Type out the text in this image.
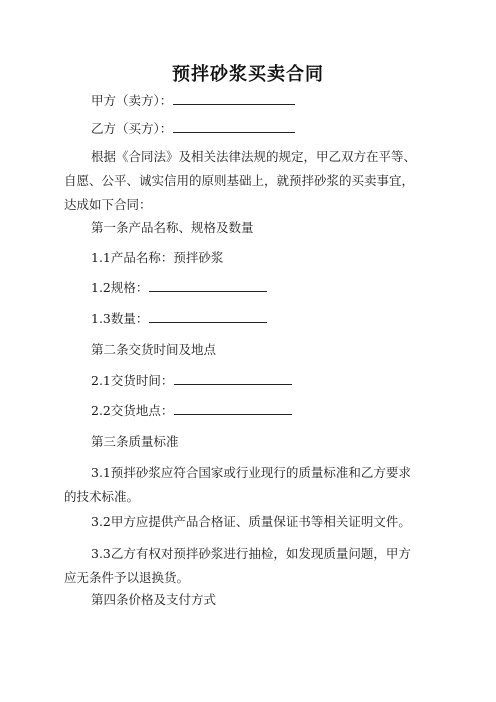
预拌砂浆买卖合同
甲方（卖方）：
乙方（买方）：
根据《合同法》及相关法律法规的规定，甲乙双方在平等、自愿、公平、诚实信用的原则基础上，就预拌砂浆的买卖事宜，达成如下合同：
第一条产品名称、规格及数量
1.1产品名称：预拌砂浆
1.2规格：
1.3数量：
第二条交货时间及地点
2.1交货时间：
2.2交货地点：
第三条质量标准
3.1预拌砂浆应符合国家或行业现行的质量标准和乙方要求的技术标准。
3.2甲方应提供产品合格证、质量保证书等相关证明文件。
3.3乙方有权对预拌砂浆进行抽检，如发现质量问题，甲方应无条件予以退换货。
第四条价格及支付方式
